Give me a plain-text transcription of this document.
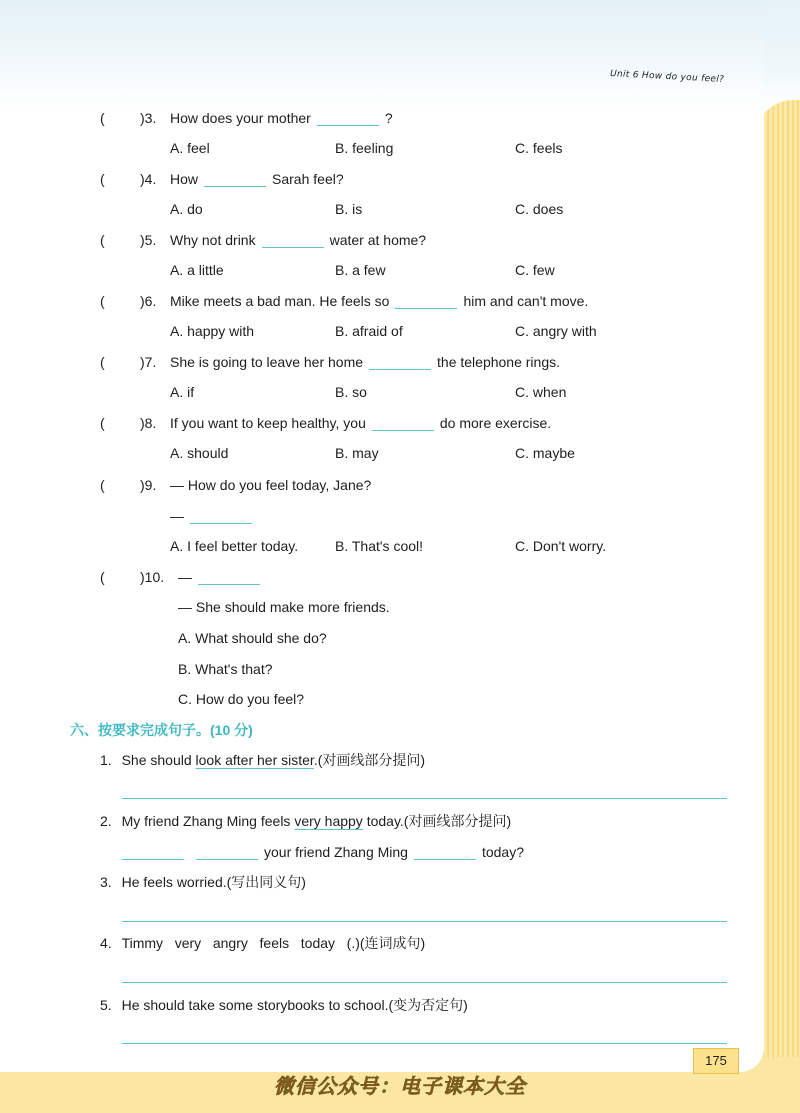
Unit 6 How do you feel?
(	)3. How does your mother	?
A. feel	B. feeling	C. feels
(	)4. How	Sarah feel?
A. do	B. is	C. does
(	)5. Why not drink	water at home?
A. a little	B. a few	C. few
(	)6. Mike meets a bad man. He feels so	him and can't move.
A. happy with	B. afraid of	C. angry with
(	)7. She is going to leave her home	the telephone rings.
A. if	B. so	C. when
(	)8. If you want to keep healthy, you	do more exercise.
A. should	B. may	C. maybe
(	)9. — How do you feel today, Jane?
—
A. I feel better today.	B. That's cool!	C. Don't worry.
(	)10. —
— She should make more friends.
A. What should she do?
B. What's that?
C. How do you feel?
六、按要求完成句子。(10 分)
1. She should look after her sister.(对画线部分提问)
2. My friend Zhang Ming feels very happy today.(对画线部分提问)
your friend Zhang Ming	today?
3. He feels worried.(写出同义句)
4. Timmy   very   angry   feels   today   (.)(连词成句)
5. He should take some storybooks to school.(变为否定句)
175
微信公众号：电子课本大全
